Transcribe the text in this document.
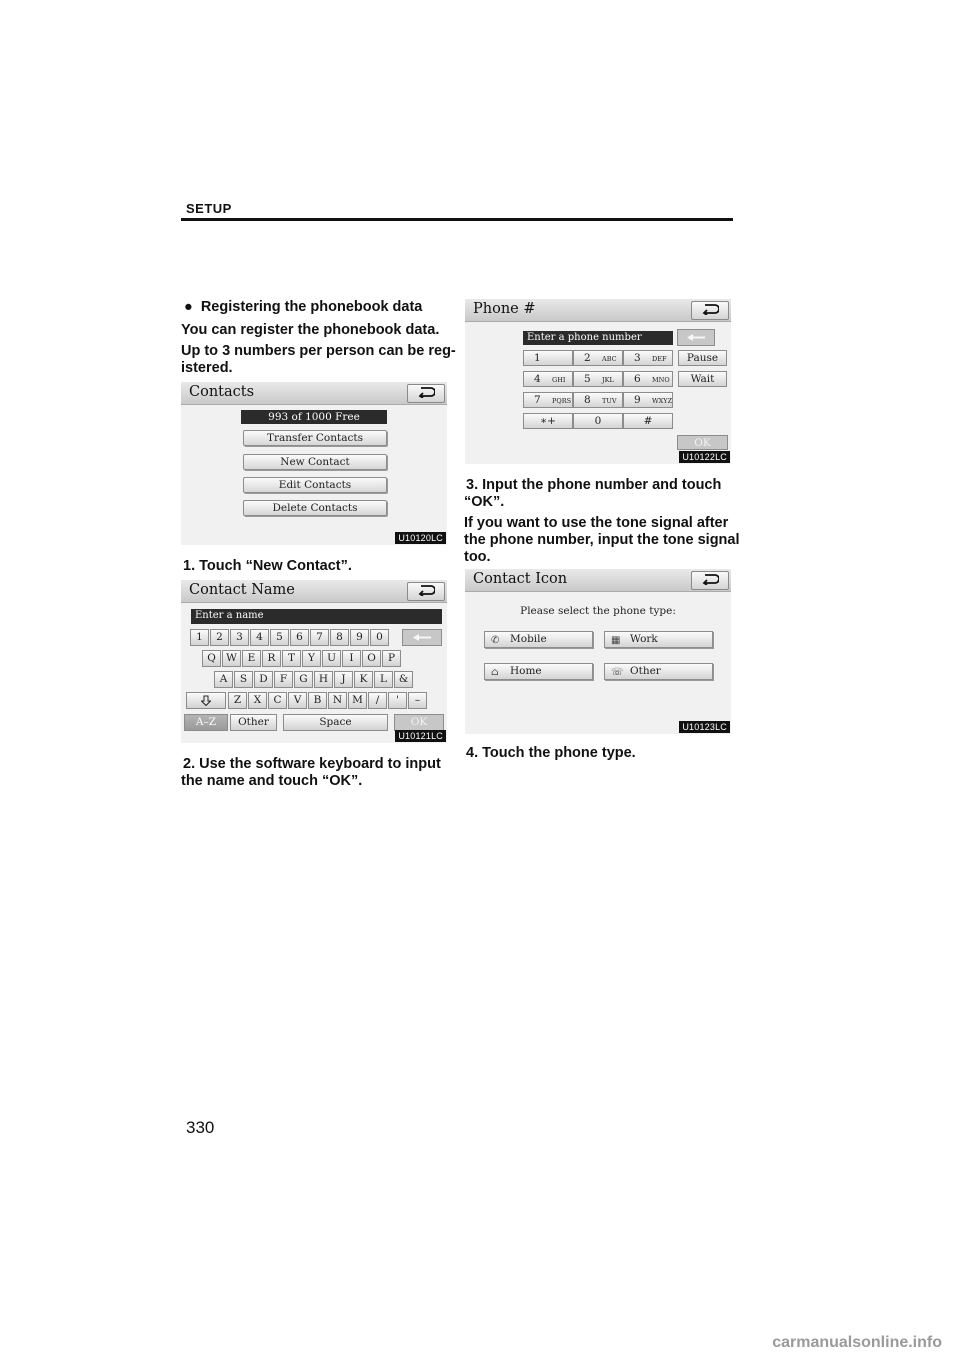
SETUP
● Registering the phonebook data
You can register the phonebook data.
Up to 3 numbers per person can be reg-
istered.
Contacts
993 of 1000 Free
Transfer Contacts
New Contact
Edit Contacts
Delete Contacts
U10120LC
1. Touch “New Contact”.
Contact Name
Enter a name
1	2	3	4	5	6	7	8	9	0
Q W	E	R	T	Y	U	I	O	P
A	S	D	F	G	H	J	K	L	&
Z	X	C	V	B	N M	/	'	–
A–Z	Other	Space	OK
U10121LC
2. Use the software keyboard to input
the name and touch “OK”.
Phone #
Enter a phone number
1	2 ABC 3 DEF	Pause
4 GHI 5 JKL 6 MNO	Wait
7 PQRS 8 TUV 9 WXYZ
∗+	0	#
OK
U10122LC
3. Input the phone number and touch
“OK”.
If you want to use the tone signal after
the phone number, input the tone signal
too.
Contact Icon
Please select the phone type:
✆ Mobile	▦ Work
⌂ Home	☏ Other
U10123LC
4. Touch the phone type.
330
carmanualsonline.info
